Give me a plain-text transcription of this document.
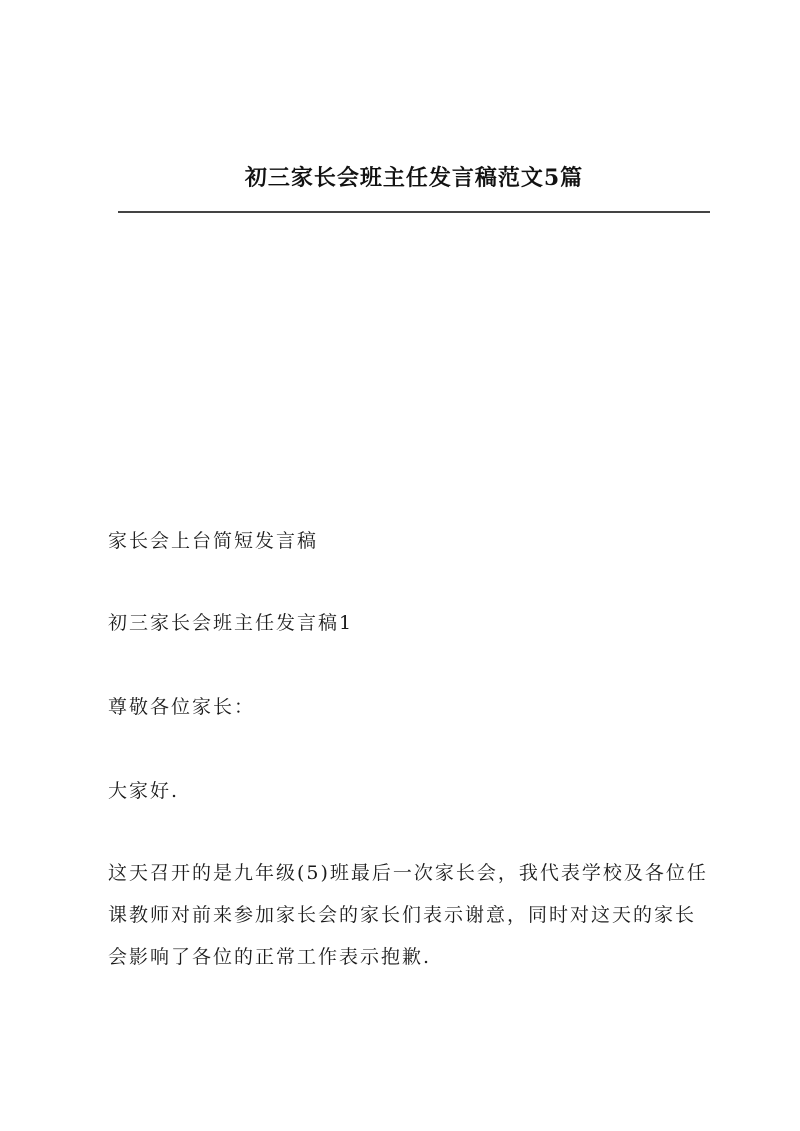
初三家长会班主任发言稿范文5篇

家长会上台简短发言稿

初三家长会班主任发言稿1

尊敬各位家长：

大家好.

这天召开的是九年级(5)班最后一次家长会，我代表学校及各位任课教师对前来参加家长会的家长们表示谢意，同时对这天的家长会影响了各位的正常工作表示抱歉.
